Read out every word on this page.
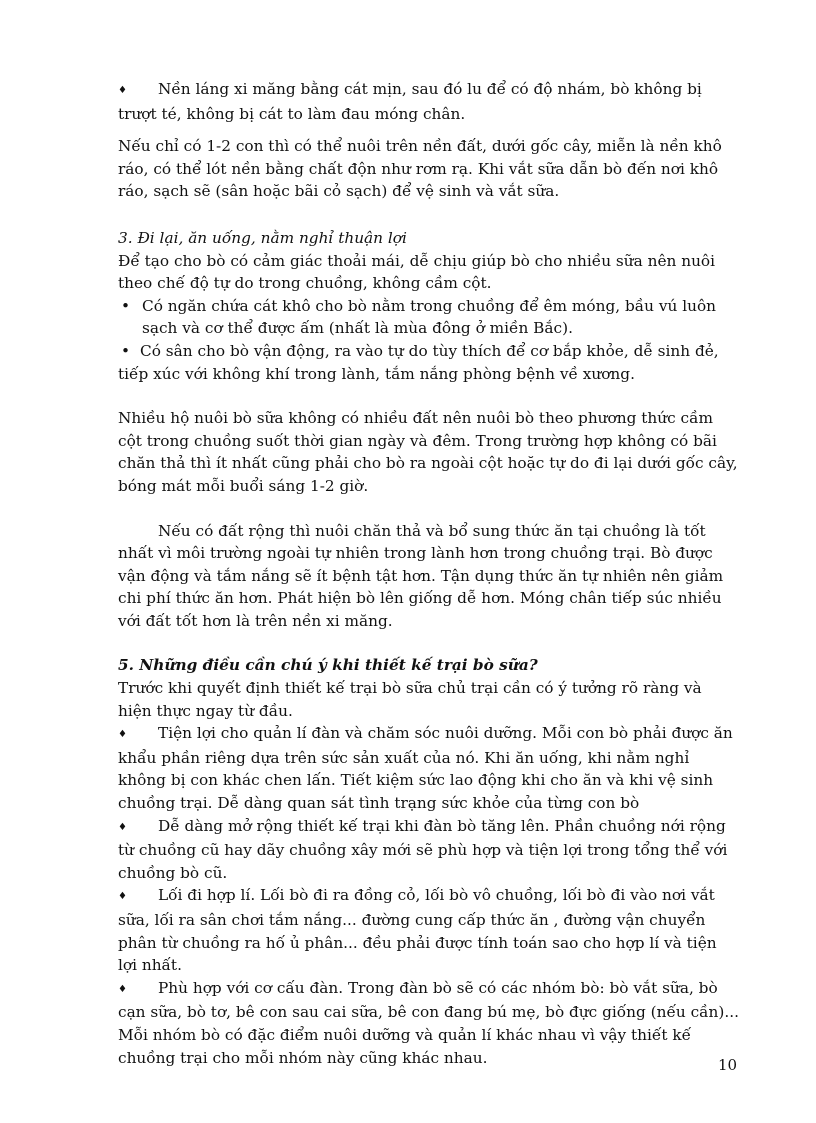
♦ Nền láng xi măng bằng cát mịn, sau đó lu để có độ nhám, bò không bị trượt té, không bị cát to làm đau móng chân.

Nếu chỉ có 1-2 con thì có thể nuôi trên nền đất, dưới gốc cây, miễn là nền khô ráo, có thể lót nền bằng chất độn như rơm rạ. Khi vắt sữa dẫn bò đến nơi khô ráo, sạch sẽ (sân hoặc bãi cỏ sạch) để vệ sinh và vắt sữa.

3. Đi lại, ăn uống, nằm nghỉ thuận lợi

Để tạo cho bò có cảm giác thoải mái, dễ chịu giúp bò cho nhiều sữa nên nuôi theo chế độ tự do trong chuồng, không cầm cột.

• Có ngăn chứa cát khô cho bò nằm trong chuồng để êm móng, bầu vú luôn sạch và cơ thể được ấm (nhất là mùa đông ở miền Bắc).

• Có sân cho bò vận động, ra vào tự do tùy thích để cơ bắp khỏe, dễ sinh đẻ, tiếp xúc với không khí trong lành, tắm nắng phòng bệnh về xương.

Nhiều hộ nuôi bò sữa không có nhiều đất nên nuôi bò theo phương thức cầm cột trong chuồng suốt thời gian ngày và đêm. Trong trường hợp không có bãi chăn thả thì ít nhất cũng phải cho bò ra ngoài cột hoặc tự do đi lại dưới gốc cây, bóng mát mỗi buổi sáng 1-2 giờ.

Nếu có đất rộng thì nuôi chăn thả và bổ sung thức ăn tại chuồng là tốt nhất vì môi trường ngoài tự nhiên trong lành hơn trong chuồng trại. Bò được vận động và tắm nắng sẽ ít bệnh tật hơn. Tận dụng thức ăn tự nhiên nên giảm chi phí thức ăn hơn. Phát hiện bò lên giống dễ hơn. Móng chân tiếp súc nhiều với đất tốt hơn là trên nền xi măng.

5. Những điều cần chú ý khi thiết kế trại bò sữa?

Trước khi quyết định thiết kế trại bò sữa chủ trại cần có ý tưởng rõ ràng và hiện thực ngay từ đầu.

♦ Tiện lợi cho quản lí đàn và chăm sóc nuôi dưỡng. Mỗi con bò phải được ăn khẩu phần riêng dựa trên sức sản xuất của nó. Khi ăn uống, khi nằm nghỉ không bị con khác chen lấn. Tiết kiệm sức lao động khi cho ăn và khi vệ sinh chuồng trại. Dễ dàng quan sát tình trạng sức khỏe của từng con bò

♦ Dễ dàng mở rộng thiết kế trại khi đàn bò tăng lên. Phần chuồng nới rộng từ chuồng cũ hay dãy chuồng xây mới sẽ phù hợp và tiện lợi trong tổng thể với chuồng bò cũ.

♦ Lối đi hợp lí. Lối bò đi ra đồng cỏ, lối bò vô chuồng, lối bò đi vào nơi vắt sữa, lối ra sân chơi tắm nắng... đường cung cấp thức ăn , đường vận chuyển phân từ chuồng ra hố ủ phân... đều phải được tính toán sao cho hợp lí và tiện lợi nhất.

♦ Phù hợp với cơ cấu đàn. Trong đàn bò sẽ có các nhóm bò: bò vắt sữa, bò cạn sữa, bò tơ, bê con sau cai sữa, bê con đang bú mẹ, bò đực giống (nếu cần)... Mỗi nhóm bò có đặc điểm nuôi dưỡng và quản lí khác nhau vì vậy thiết kế chuồng trại cho mỗi nhóm này cũng khác nhau.	10
